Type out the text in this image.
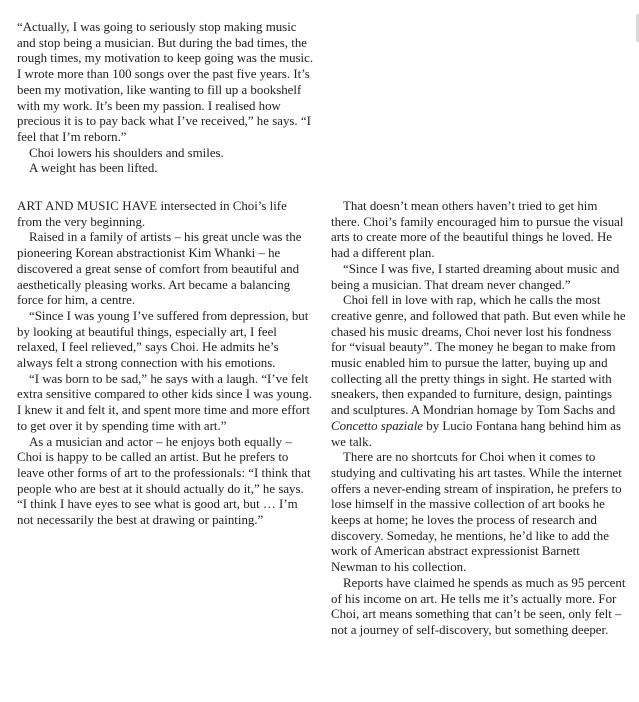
“Actually, I was going to seriously stop making music and stop being a musician. But during the bad times, the rough times, my motivation to keep going was the music. I wrote more than 100 songs over the past five years. It’s been my motivation, like wanting to fill up a bookshelf with my work. It’s been my passion. I realised how precious it is to pay back what I’ve received,” he says. “I feel that I’m reborn.”

Choi lowers his shoulders and smiles.

A weight has been lifted.

ART AND MUSIC HAVE intersected in Choi’s life from the very beginning.

Raised in a family of artists – his great uncle was the pioneering Korean abstractionist Kim Whanki – he discovered a great sense of comfort from beautiful and aesthetically pleasing works. Art became a balancing force for him, a centre.

“Since I was young I’ve suffered from depression, but by looking at beautiful things, especially art, I feel relaxed, I feel relieved,” says Choi. He admits he’s always felt a strong connection with his emotions.

“I was born to be sad,” he says with a laugh. “I’ve felt extra sensitive compared to other kids since I was young. I knew it and felt it, and spent more time and more effort to get over it by spending time with art.”

As a musician and actor – he enjoys both equally – Choi is happy to be called an artist. But he prefers to leave other forms of art to the professionals: “I think that people who are best at it should actually do it,” he says. “I think I have eyes to see what is good art, but … I’m not necessarily the best at drawing or painting.”

That doesn’t mean others haven’t tried to get him there. Choi’s family encouraged him to pursue the visual arts to create more of the beautiful things he loved. He had a different plan.

“Since I was five, I started dreaming about music and being a musician. That dream never changed.”

Choi fell in love with rap, which he calls the most creative genre, and followed that path. But even while he chased his music dreams, Choi never lost his fondness for “visual beauty”. The money he began to make from music enabled him to pursue the latter, buying up and collecting all the pretty things in sight. He started with sneakers, then expanded to furniture, design, paintings and sculptures. A Mondrian homage by Tom Sachs and Concetto spaziale by Lucio Fontana hang behind him as we talk.

There are no shortcuts for Choi when it comes to studying and cultivating his art tastes. While the internet offers a never-ending stream of inspiration, he prefers to lose himself in the massive collection of art books he keeps at home; he loves the process of research and discovery. Someday, he mentions, he’d like to add the work of American abstract expressionist Barnett Newman to his collection.

Reports have claimed he spends as much as 95 percent of his income on art. He tells me it’s actually more. For Choi, art means something that can’t be seen, only felt – not a journey of self-discovery, but something deeper.
